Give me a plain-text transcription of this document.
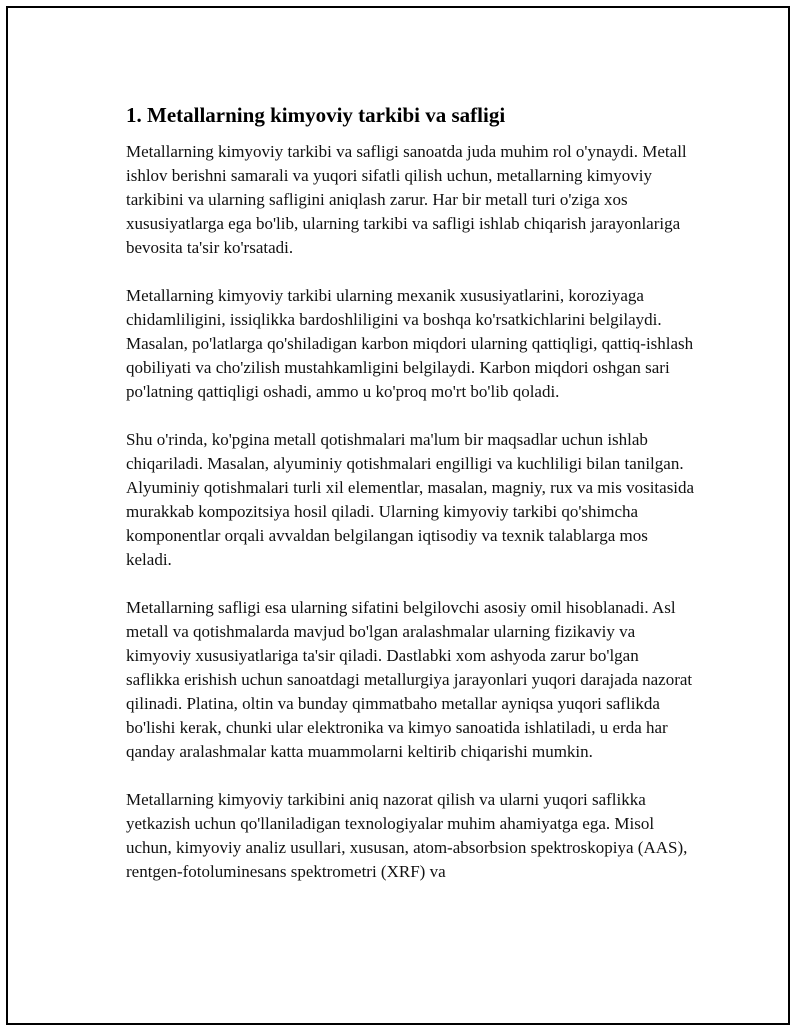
1. Metallarning kimyoviy tarkibi va safligi

Metallarning kimyoviy tarkibi va safligi sanoatda juda muhim rol o'ynaydi. Metall ishlov berishni samarali va yuqori sifatli qilish uchun, metallarning kimyoviy tarkibini va ularning safligini aniqlash zarur. Har bir metall turi o'ziga xos xususiyatlarga ega bo'lib, ularning tarkibi va safligi ishlab chiqarish jarayonlariga bevosita ta'sir ko'rsatadi.

Metallarning kimyoviy tarkibi ularning mexanik xususiyatlarini, koroziyaga chidamliligini, issiqlikka bardoshliligini va boshqa ko'rsatkichlarini belgilaydi. Masalan, po'latlarga qo'shiladigan karbon miqdori ularning qattiqligi, qattiq-ishlash qobiliyati va cho'zilish mustahkamligini belgilaydi. Karbon miqdori oshgan sari po'latning qattiqligi oshadi, ammo u ko'proq mo'rt bo'lib qoladi.

Shu o'rinda, ko'pgina metall qotishmalari ma'lum bir maqsadlar uchun ishlab chiqariladi. Masalan, alyuminiy qotishmalari engilligi va kuchliligi bilan tanilgan. Alyuminiy qotishmalari turli xil elementlar, masalan, magniy, rux va mis vositasida murakkab kompozitsiya hosil qiladi. Ularning kimyoviy tarkibi qo'shimcha komponentlar orqali avvaldan belgilangan iqtisodiy va texnik talablarga mos keladi.

Metallarning safligi esa ularning sifatini belgilovchi asosiy omil hisoblanadi. Asl metall va qotishmalarda mavjud bo'lgan aralashmalar ularning fizikaviy va kimyoviy xususiyatlariga ta'sir qiladi. Dastlabki xom ashyoda zarur bo'lgan saflikka erishish uchun sanoatdagi metallurgiya jarayonlari yuqori darajada nazorat qilinadi. Platina, oltin va bunday qimmatbaho metallar ayniqsa yuqori saflikda bo'lishi kerak, chunki ular elektronika va kimyo sanoatida ishlatiladi, u erda har qanday aralashmalar katta muammolarni keltirib chiqarishi mumkin.

Metallarning kimyoviy tarkibini aniq nazorat qilish va ularni yuqori saflikka yetkazish uchun qo'llaniladigan texnologiyalar muhim ahamiyatga ega. Misol uchun, kimyoviy analiz usullari, xususan, atom-absorbsion spektroskopiya (AAS), rentgen-fotoluminesans spektrometri (XRF) va
